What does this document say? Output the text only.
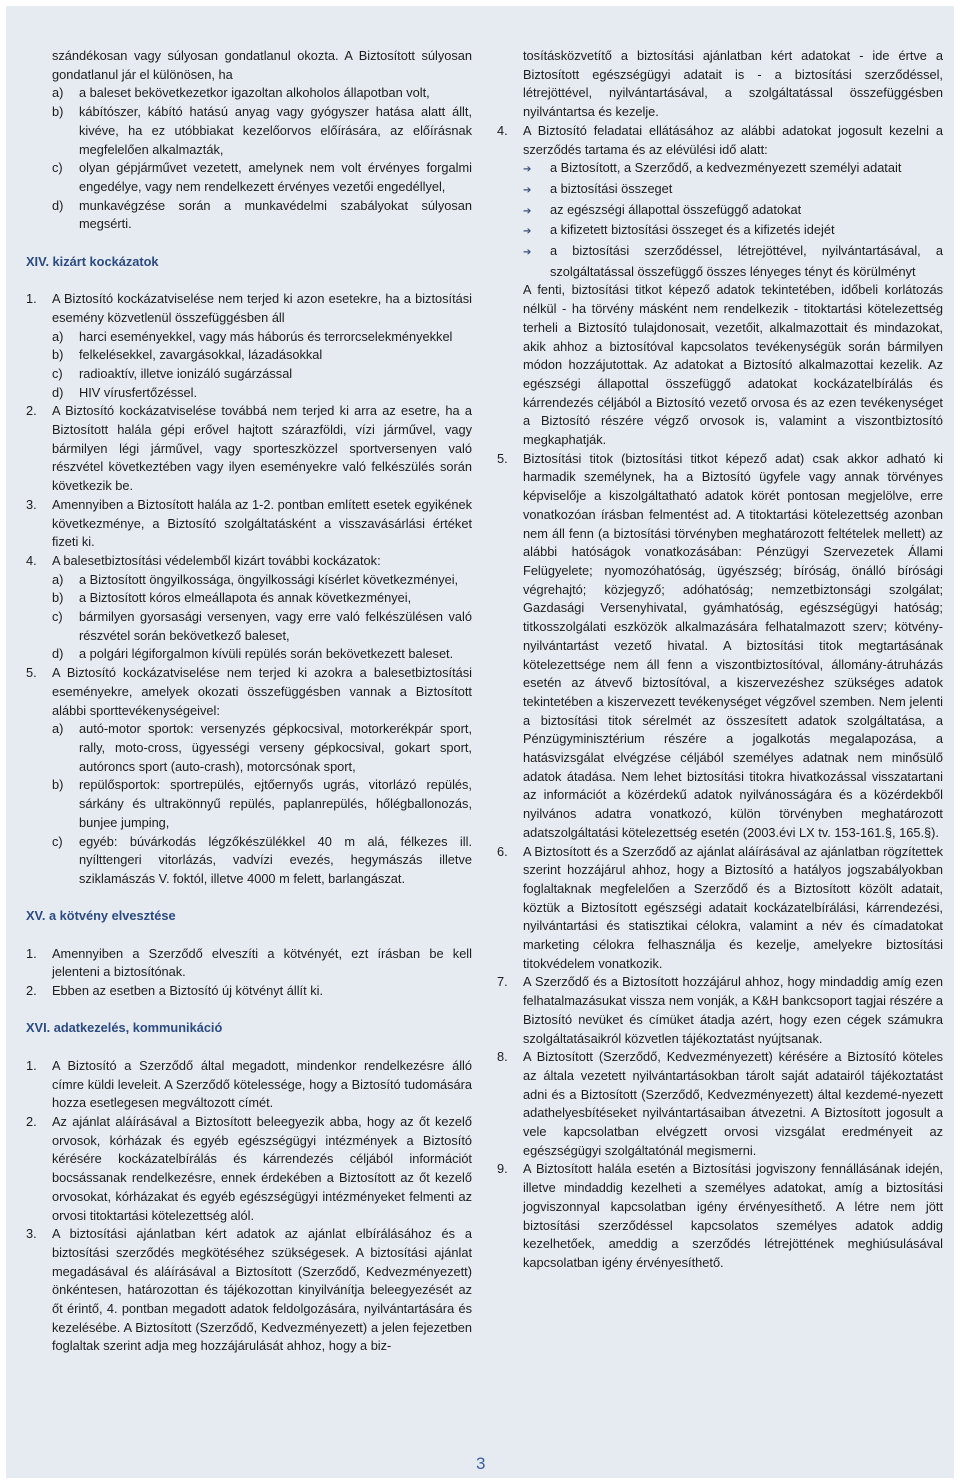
szándékosan vagy súlyosan gondatlanul okozta. A Biztosított súlyosan gondatlanul jár el különösen, ha

a) a baleset bekövetkezetkor igazoltan alkoholos állapotban volt,

b) kábítószer, kábító hatású anyag vagy gyógyszer hatása alatt állt, kivéve, ha ez utóbbiakat kezelőorvos előírására, az előírásnak megfelelően alkalmazták,

c) olyan gépjárművet vezetett, amelynek nem volt érvényes forgalmi engedélye, vagy nem rendelkezett érvényes vezetői engedéllyel,

d) munkavégzése során a munkavédelmi szabályokat súlyosan megsérti.

XIV. kizárt kockázatok

1. A Biztosító kockázatviselése nem terjed ki azon esetekre, ha a biztosítási esemény közvetlenül összefüggésben áll

a) harci eseményekkel, vagy más háborús és terrorcselekményekkel

b) felkelésekkel, zavargásokkal, lázadásokkal

c) radioaktív, illetve ionizáló sugárzással

d) HIV vírusfertőzéssel.

2. A Biztosító kockázatviselése továbbá nem terjed ki arra az esetre, ha a Biztosított halála gépi erővel hajtott szárazföldi, vízi járművel, vagy bármilyen légi járművel, vagy sporteszközzel sportversenyen való részvétel következtében vagy ilyen eseményekre való felkészülés során következik be.

3. Amennyiben a Biztosított halála az 1-2. pontban említett esetek egyikének következménye, a Biztosító szolgáltatásként a visszavásárlási értéket fizeti ki.

4. A balesetbiztosítási védelemből kizárt további kockázatok:

a) a Biztosított öngyilkossága, öngyilkossági kísérlet következményei,

b) a Biztosított kóros elmeállapota és annak következményei,

c) bármilyen gyorsasági versenyen, vagy erre való felkészülésen való részvétel során bekövetkező baleset,

d) a polgári légiforgalmon kívüli repülés során bekövetkezett baleset.

5. A Biztosító kockázatviselése nem terjed ki azokra a balesetbiztosítási eseményekre, amelyek okozati összefüggésben vannak a Biztosított alábbi sporttevékenységeivel:

a) autó-motor sportok: versenyzés gépkocsival, motorkerékpár sport, rally, moto-cross, ügyességi verseny gépkocsival, gokart sport, autóroncs sport (auto-crash), motorcsónak sport,

b) repülősportok: sportrepülés, ejtőernyős ugrás, vitorlázó repülés, sárkány és ultrakönnyű repülés, paplanrepülés, hőlégballonozás, bunjee jumping,

c) egyéb: búvárkodás légzőkészülékkel 40 m alá, félkezes ill. nyílttengeri vitorlázás, vadvízi evezés, hegymászás illetve sziklamászás V. foktól, illetve 4000 m felett, barlangászat.

XV. a kötvény elvesztése

1. Amennyiben a Szerződő elveszíti a kötvényét, ezt írásban be kell jelenteni a biztosítónak.

2. Ebben az esetben a Biztosító új kötvényt állít ki.

XVI. adatkezelés, kommunikáció

1. A Biztosító a Szerződő által megadott, mindenkor rendelkezésre álló címre küldi leveleit. A Szerződő kötelessége, hogy a Biztosító tudomására hozza esetlegesen megváltozott címét.

2. Az ajánlat aláírásával a Biztosított beleegyezik abba, hogy az őt kezelő orvosok, kórházak és egyéb egészségügyi intézmények a Biztosító kérésére kockázatelbírálás és kárrendezés céljából információt bocsássanak rendelkezésre, ennek érdekében a Biztosított az őt kezelő orvosokat, kórházakat és egyéb egészségügyi intézményeket felmenti az orvosi titoktartási kötelezettség alól.

3. A biztosítási ajánlatban kért adatok az ajánlat elbírálásához és a biztosítási szerződés megkötéséhez szükségesek. A biztosítási ajánlat megadásával és aláírásával a Biztosított (Szerződő, Kedvezményezett) önkéntesen, határozottan és tájékozottan kinyilvánítja beleegyezését az őt érintő, 4. pontban megadott adatok feldolgozására, nyilvántartására és kezelésébe. A Biztosított (Szerződő, Kedvezményezett) a jelen fejezetben foglaltak szerint adja meg hozzájárulását ahhoz, hogy a biz-

tosításközvetítő a biztosítási ajánlatban kért adatokat - ide értve a Biztosított egészségügyi adatait is - a biztosítási szerződéssel, létrejöttével, nyilvántartásával, a szolgáltatással összefüggésben nyilvántartsa és kezelje.

4. A Biztosító feladatai ellátásához az alábbi adatokat jogosult kezelni a szerződés tartama és az elévülési idő alatt:

➔ a Biztosított, a Szerződő, a kedvezményezett személyi adatait

➔ a biztosítási összeget

➔ az egészségi állapottal összefüggő adatokat

➔ a kifizetett biztosítási összeget és a kifizetés idejét

➔ a biztosítási szerződéssel, létrejöttével, nyilvántartásával, a szolgáltatással összefüggő összes lényeges tényt és körülményt

A fenti, biztosítási titkot képező adatok tekintetében, időbeli korlátozás nélkül - ha törvény másként nem rendelkezik - titoktartási kötelezettség terheli a Biztosító tulajdonosait, vezetőit, alkalmazottait és mindazokat, akik ahhoz a biztosítóval kapcsolatos tevékenységük során bármilyen módon hozzájutottak. Az adatokat a Biztosító alkalmazottai kezelik. Az egészségi állapottal összefüggő adatokat kockázatelbírálás és kárrendezés céljából a Biztosító vezető orvosa és az ezen tevékenységet a Biztosító részére végző orvosok is, valamint a viszontbiztosító megkaphatják.

5. Biztosítási titok (biztosítási titkot képező adat) csak akkor adható ki harmadik személynek, ha a Biztosító ügyfele vagy annak törvényes képviselője a kiszolgáltatható adatok körét pontosan megjelölve, erre vonatkozóan írásban felmentést ad. A titoktartási kötelezettség azonban nem áll fenn (a biztosítási törvényben meghatározott feltételek mellett) az alábbi hatóságok vonatkozásában: Pénzügyi Szervezetek Állami Felügyelete; nyomozóhatóság, ügyészség; bíróság, önálló bírósági végrehajtó; közjegyző; adóhatóság; nemzetbiztonsági szolgálat; Gazdasági Versenyhivatal, gyámhatóság, egészségügyi hatóság; titkosszolgálati eszközök alkalmazására felhatalmazott szerv; kötvény-nyilvántartást vezető hivatal. A biztosítási titok megtartásának kötelezettsége nem áll fenn a viszontbiztosítóval, állomány-átruházás esetén az átvevő biztosítóval, a kiszervezéshez szükséges adatok tekintetében a kiszervezett tevékenységet végzővel szemben. Nem jelenti a biztosítási titok sérelmét az összesített adatok szolgáltatása, a Pénzügyminisztérium részére a jogalkotás megalapozása, a hatásvizsgálat elvégzése céljából személyes adatnak nem minősülő adatok átadása. Nem lehet biztosítási titokra hivatkozással visszatartani az információt a közérdekű adatok nyilvánosságára és a közérdekből nyilvános adatra vonatkozó, külön törvényben meghatározott adatszolgáltatási kötelezettség esetén (2003.évi LX tv. 153-161.§, 165.§).

6. A Biztosított és a Szerződő az ajánlat aláírásával az ajánlatban rögzítettek szerint hozzájárul ahhoz, hogy a Biztosító a hatályos jogszabályokban foglaltaknak megfelelően a Szerződő és a Biztosított közölt adatait, köztük a Biztosított egészségi adatait kockázatelbírálási, kárrendezési, nyilvántartási és statisztikai célokra, valamint a név és címadatokat marketing célokra felhasználja és kezelje, amelyekre biztosítási titokvédelem vonatkozik.

7. A Szerződő és a Biztosított hozzájárul ahhoz, hogy mindaddig amíg ezen felhatalmazásukat vissza nem vonják, a K&H bankcsoport tagjai részére a Biztosító nevüket és címüket átadja azért, hogy ezen cégek számukra szolgáltatásaikról közvetlen tájékoztatást nyújtsanak.

8. A Biztosított (Szerződő, Kedvezményezett) kérésére a Biztosító köteles az általa vezetett nyilvántartásokban tárolt saját adatairól tájékoztatást adni és a Biztosított (Szerződő, Kedvezményezett) által kezdemé-nyezett adathelyesbítéseket nyilvántartásaiban átvezetni. A Biztosított jogosult a vele kapcsolatban elvégzett orvosi vizsgálat eredményeit az egészségügyi szolgáltatónál megismerni.

9. A Biztosított halála esetén a Biztosítási jogviszony fennállásának idején, illetve mindaddig kezelheti a személyes adatokat, amíg a biztosítási jogviszonnyal kapcsolatban igény érvényesíthető. A létre nem jött biztosítási szerződéssel kapcsolatos személyes adatok addig kezelhetőek, ameddig a szerződés létrejöttének meghiúsulásával kapcsolatban igény érvényesíthető.

3
